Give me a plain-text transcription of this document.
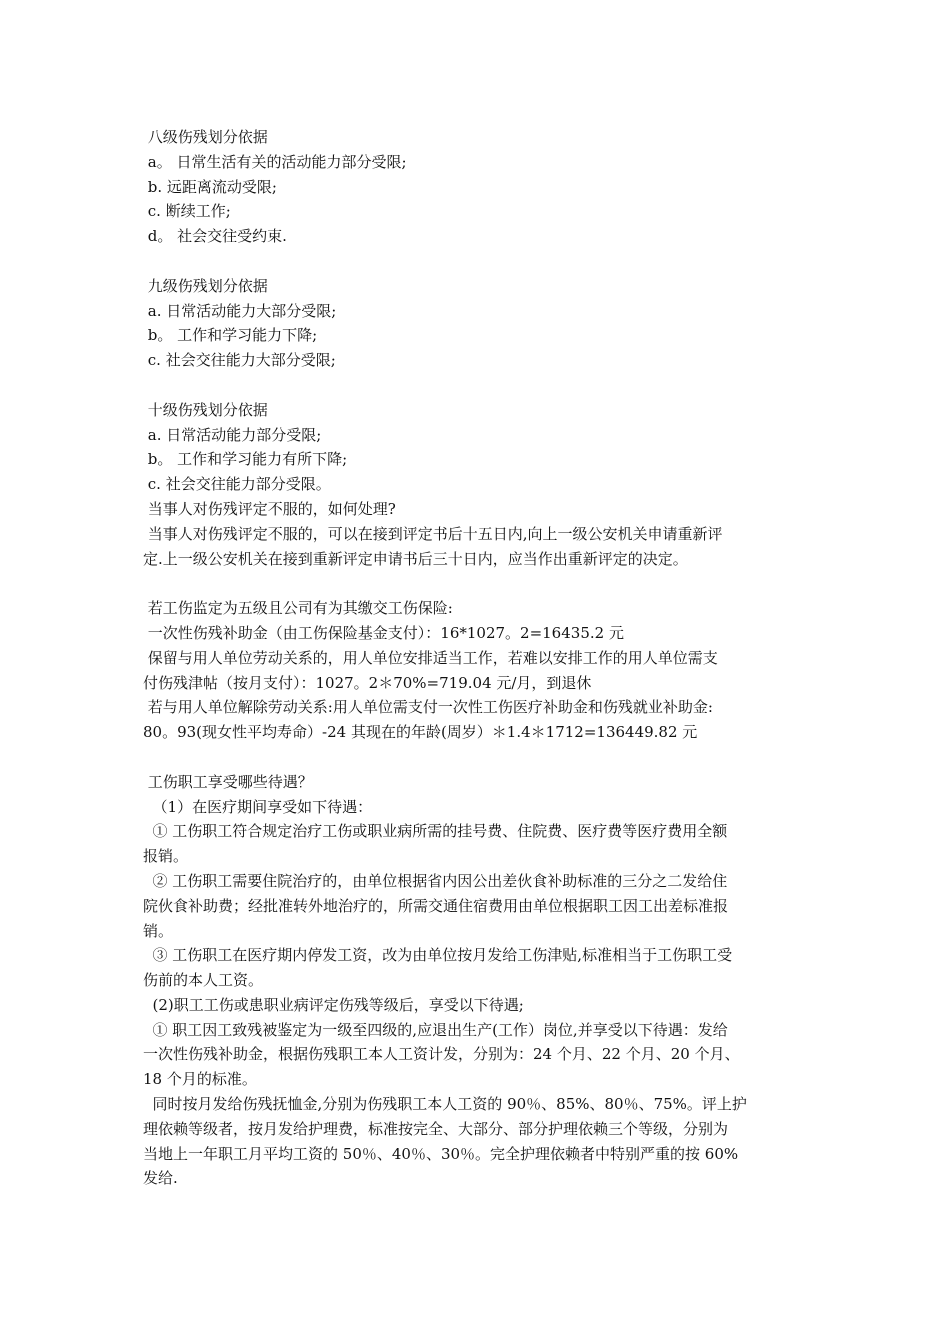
八级伤残划分依据
a。 日常生活有关的活动能力部分受限;
b. 远距离流动受限;
c. 断续工作;
d。 社会交往受约束.
九级伤残划分依据
a. 日常活动能力大部分受限;
b。 工作和学习能力下降;
c. 社会交往能力大部分受限;
十级伤残划分依据
a. 日常活动能力部分受限;
b。 工作和学习能力有所下降;
c. 社会交往能力部分受限。
当事人对伤残评定不服的，如何处理?
当事人对伤残评定不服的，可以在接到评定书后十五日内,向上一级公安机关申请重新评
定.上一级公安机关在接到重新评定申请书后三十日内，应当作出重新评定的决定。
若工伤监定为五级且公司有为其缴交工伤保险:
一次性伤残补助金（由工伤保险基金支付）：16*1027。2=16435.2 元
保留与用人单位劳动关系的，用人单位安排适当工作，若难以安排工作的用人单位需支
付伤残津帖（按月支付）：1027。2＊70%=719.04 元/月，到退休
若与用人单位解除劳动关系:用人单位需支付一次性工伤医疗补助金和伤残就业补助金:
80。93(现女性平均寿命）-24 其现在的年龄(周岁）＊1.4＊1712=136449.82 元
工伤职工享受哪些待遇？
（1）在医疗期间享受如下待遇：
① 工伤职工符合规定治疗工伤或职业病所需的挂号费、住院费、医疗费等医疗费用全额
报销。
② 工伤职工需要住院治疗的，由单位根据省内因公出差伙食补助标准的三分之二发给住
院伙食补助费；经批准转外地治疗的，所需交通住宿费用由单位根据职工因工出差标准报
销。
③ 工伤职工在医疗期内停发工资，改为由单位按月发给工伤津贴,标准相当于工伤职工受
伤前的本人工资。
(2)职工工伤或患职业病评定伤残等级后，享受以下待遇;
① 职工因工致残被鉴定为一级至四级的,应退出生产(工作）岗位,并享受以下待遇：发给
一次性伤残补助金，根据伤残职工本人工资计发，分别为：24 个月、22 个月、20 个月、
18 个月的标准。
同时按月发给伤残抚恤金,分别为伤残职工本人工资的 90％、85%、80％、75%。评上护
理依赖等级者，按月发给护理费，标准按完全、大部分、部分护理依赖三个等级，分别为
当地上一年职工月平均工资的 50％、40％、30％。完全护理依赖者中特别严重的按 60%
发给.
